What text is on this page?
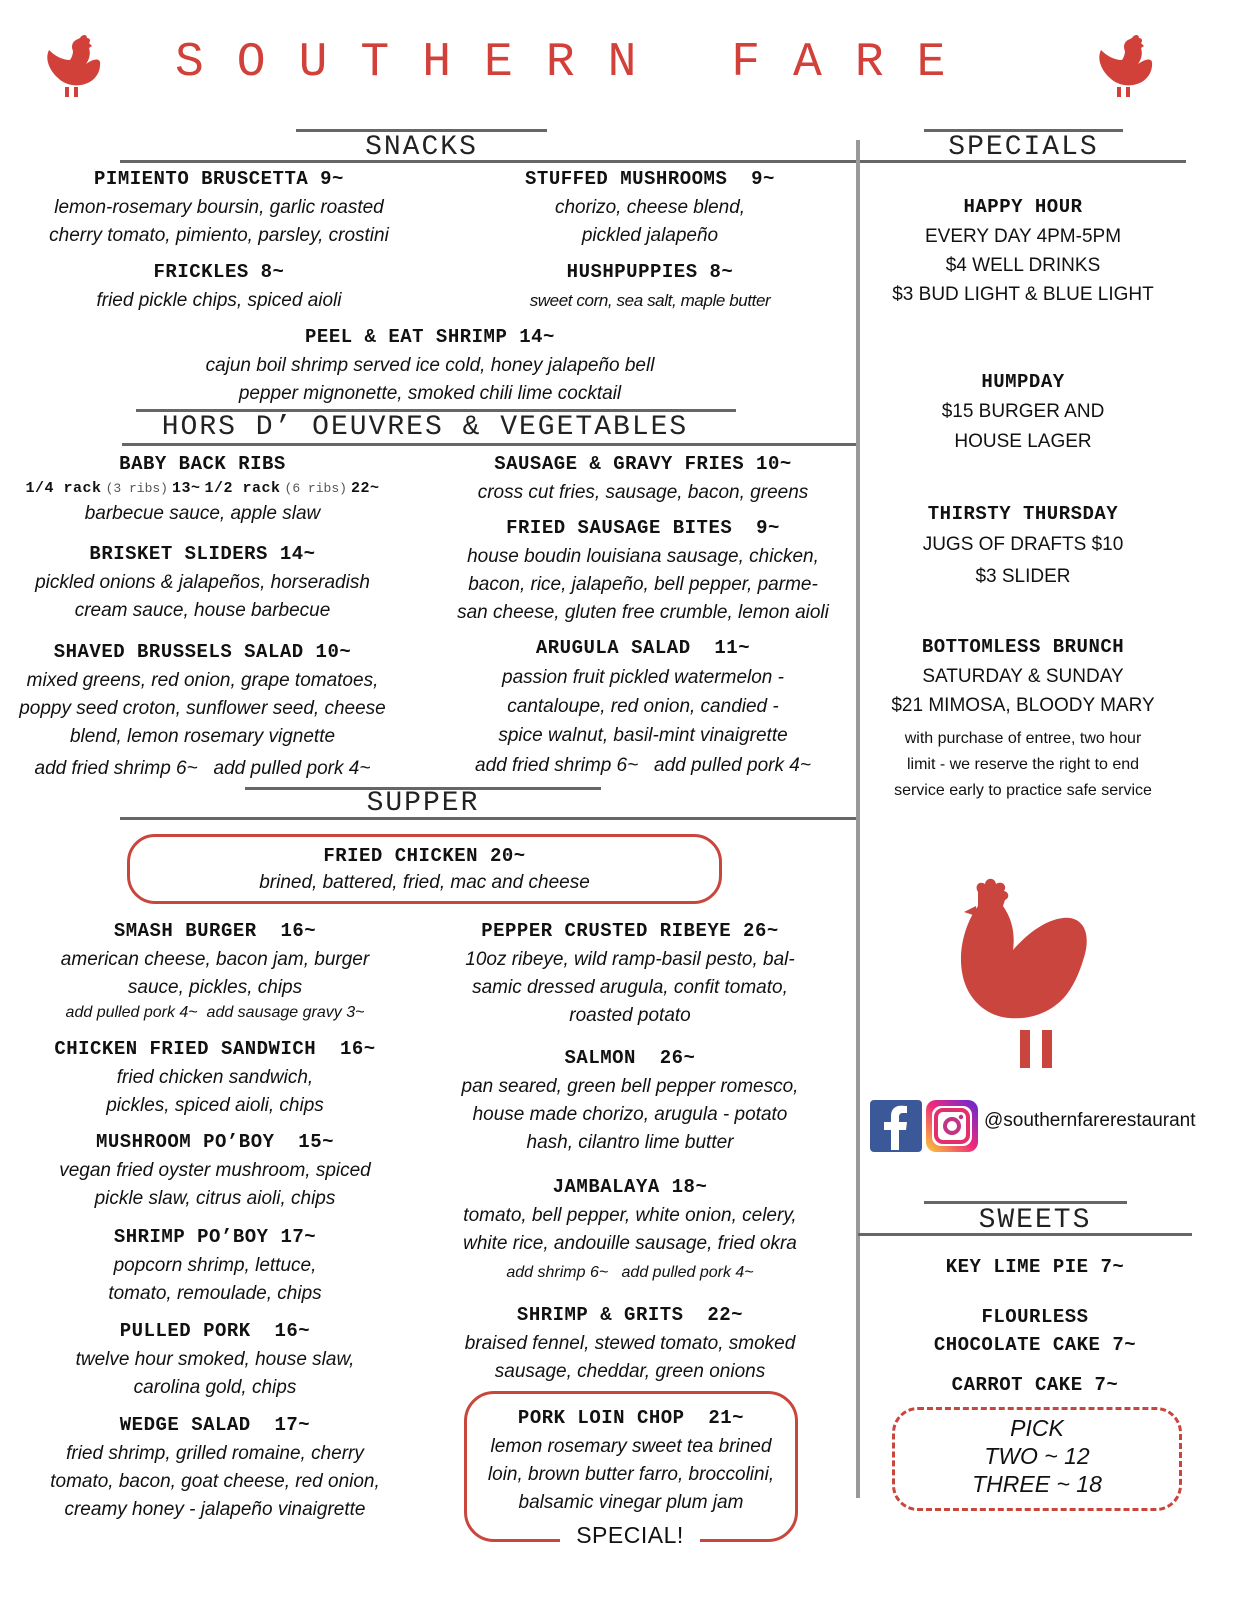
SOUTHERN FARE
SNACKS	SPECIALS
HORS D’ OEUVRES & VEGETABLES
SUPPER
SWEETS
PIMIENTO BRUSCETTA 9~
lemon-rosemary boursin, garlic roasted
cherry tomato, pimiento, parsley, crostini
STUFFED MUSHROOMS  9~
chorizo, cheese blend,
pickled jalapeño
FRICKLES 8~
fried pickle chips, spiced aioli
HUSHPUPPIES 8~
sweet corn, sea salt, maple butter
PEEL & EAT SHRIMP 14~
cajun boil shrimp served ice cold, honey jalapeño bell
pepper mignonette, smoked chili lime cocktail
BABY BACK RIBS
1/4 rack (3 ribs) 13~ 1/2 rack (6 ribs) 22~
barbecue sauce, apple slaw
SAUSAGE & GRAVY FRIES 10~
cross cut fries, sausage, bacon, greens
FRIED SAUSAGE BITES  9~
house boudin louisiana sausage, chicken,
bacon, rice, jalapeño, bell pepper, parme-
san cheese, gluten free crumble, lemon aioli
BRISKET SLIDERS 14~
pickled onions & jalapeños, horseradish
cream sauce, house barbecue
ARUGULA SALAD  11~
passion fruit pickled watermelon -
cantaloupe, red onion, candied -
spice walnut, basil-mint vinaigrette
add fried shrimp 6~   add pulled pork 4~
SHAVED BRUSSELS SALAD 10~
mixed greens, red onion, grape tomatoes,
poppy seed croton, sunflower seed, cheese
blend, lemon rosemary vignette
add fried shrimp 6~   add pulled pork 4~
FRIED CHICKEN 20~
brined, battered, fried, mac and cheese
SMASH BURGER  16~
american cheese, bacon jam, burger
sauce, pickles, chips
add pulled pork 4~  add sausage gravy 3~
CHICKEN FRIED SANDWICH  16~
fried chicken sandwich,
pickles, spiced aioli, chips
MUSHROOM PO’BOY  15~
vegan fried oyster mushroom, spiced
pickle slaw, citrus aioli, chips
SHRIMP PO’BOY 17~
popcorn shrimp, lettuce,
tomato, remoulade, chips
PULLED PORK  16~
twelve hour smoked, house slaw,
carolina gold, chips
WEDGE SALAD  17~
fried shrimp, grilled romaine, cherry
tomato, bacon, goat cheese, red onion,
creamy honey - jalapeño vinaigrette
PEPPER CRUSTED RIBEYE 26~
10oz ribeye, wild ramp-basil pesto, bal-
samic dressed arugula, confit tomato,
roasted potato
SALMON  26~
pan seared, green bell pepper romesco,
house made chorizo, arugula - potato
hash, cilantro lime butter
JAMBALAYA 18~
tomato, bell pepper, white onion, celery,
white rice, andouille sausage, fried okra
add shrimp 6~   add pulled pork 4~
SHRIMP & GRITS  22~
braised fennel, stewed tomato, smoked
sausage, cheddar, green onions
PORK LOIN CHOP  21~
lemon rosemary sweet tea brined
loin, brown butter farro, broccolini,
balsamic vinegar plum jam
SPECIAL!
HAPPY HOUR
EVERY DAY 4PM-5PM
$4 WELL DRINKS
$3 BUD LIGHT & BLUE LIGHT
HUMPDAY
$15 BURGER AND
HOUSE LAGER
THIRSTY THURSDAY
JUGS OF DRAFTS $10
$3 SLIDER
BOTTOMLESS BRUNCH
SATURDAY & SUNDAY
$21 MIMOSA, BLOODY MARY
with purchase of entree, two hour
limit - we reserve the right to end
service early to practice safe service
@southernfarerestaurant
KEY LIME PIE 7~
FLOURLESS
CHOCOLATE CAKE 7~
CARROT CAKE 7~
PICK
TWO ~ 12
THREE ~ 18
